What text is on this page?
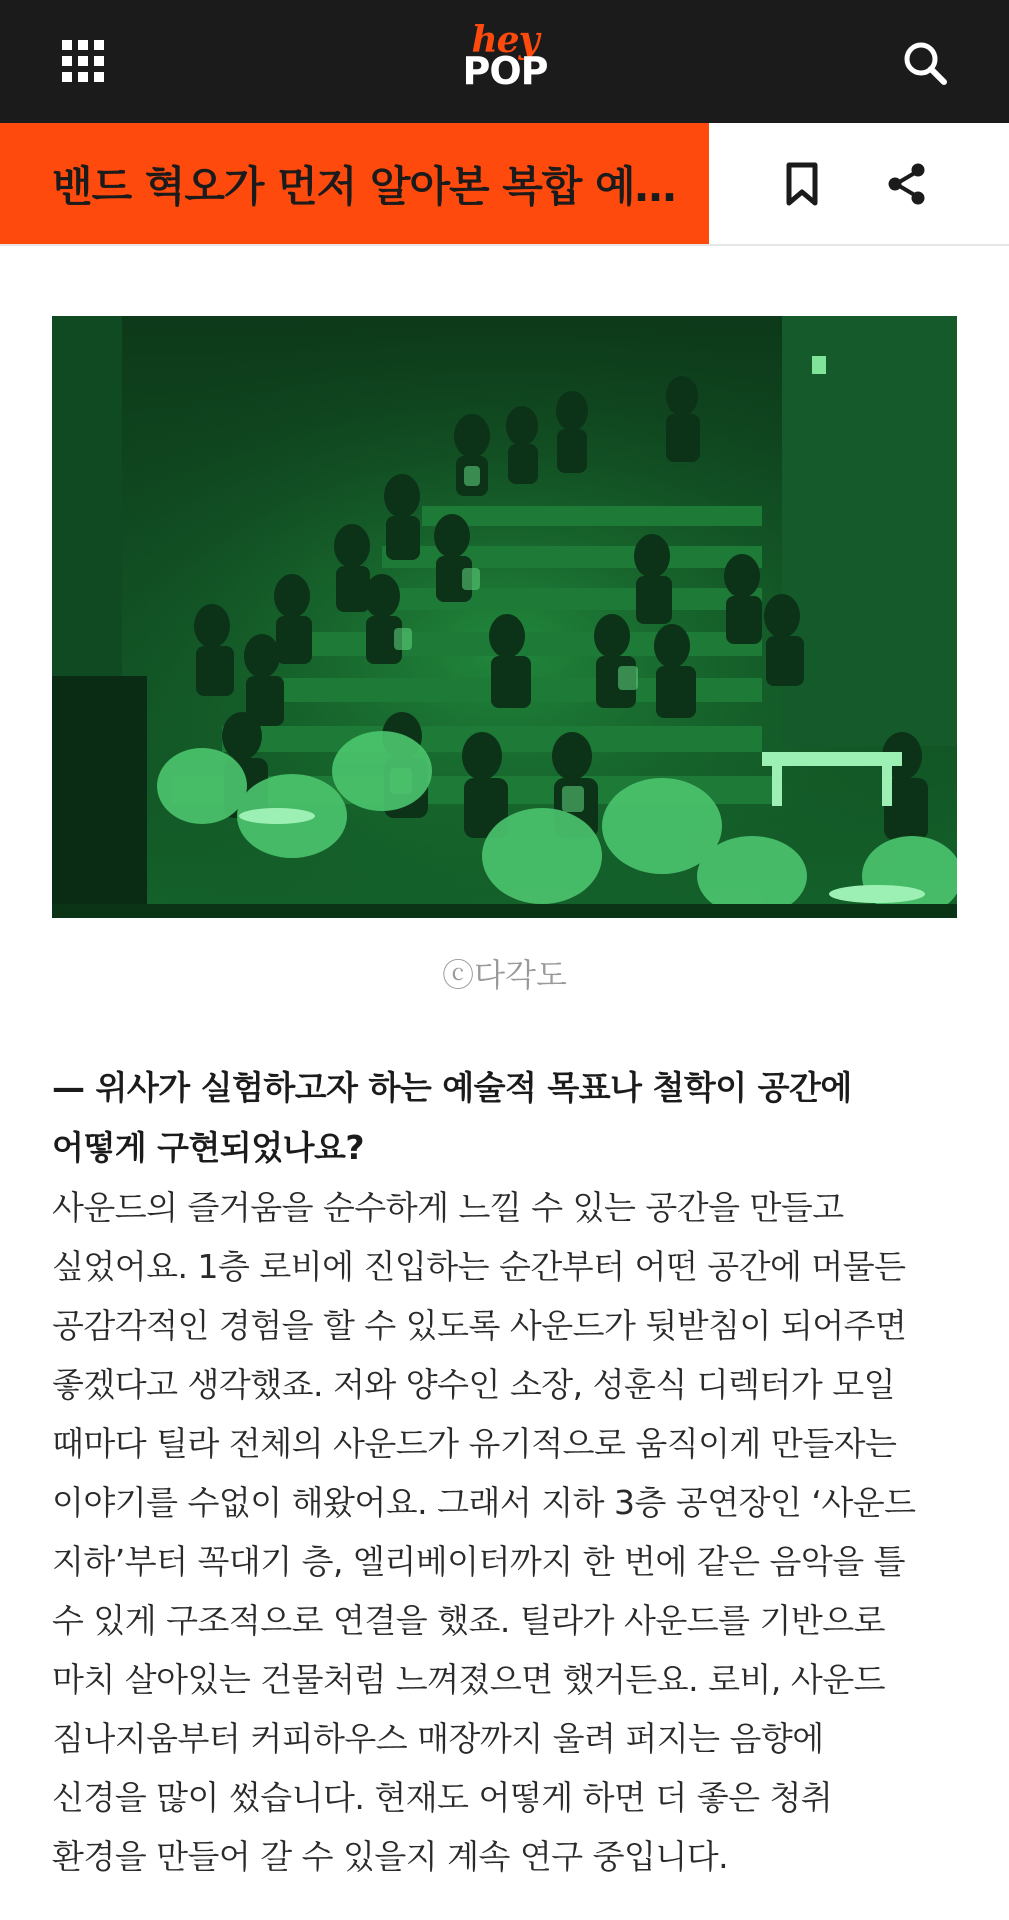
hey
POP
밴드 혁오가 먼저 알아본 복합 예…
ⓒ다각도
— 위사가 실험하고자 하는 예술적 목표나 철학이 공간에
어떻게 구현되었나요?
사운드의 즐거움을 순수하게 느낄 수 있는 공간을 만들고
싶었어요. 1층 로비에 진입하는 순간부터 어떤 공간에 머물든
공감각적인 경험을 할 수 있도록 사운드가 뒷받침이 되어주면
좋겠다고 생각했죠. 저와 양수인 소장, 성훈식 디렉터가 모일
때마다 틸라 전체의 사운드가 유기적으로 움직이게 만들자는
이야기를 수없이 해왔어요. 그래서 지하 3층 공연장인 ‘사운드
지하’부터 꼭대기 층, 엘리베이터까지 한 번에 같은 음악을 틀
수 있게 구조적으로 연결을 했죠. 틸라가 사운드를 기반으로
마치 살아있는 건물처럼 느껴졌으면 했거든요. 로비, 사운드
짐나지움부터 커피하우스 매장까지 울려 퍼지는 음향에
신경을 많이 썼습니다. 현재도 어떻게 하면 더 좋은 청취
환경을 만들어 갈 수 있을지 계속 연구 중입니다.
